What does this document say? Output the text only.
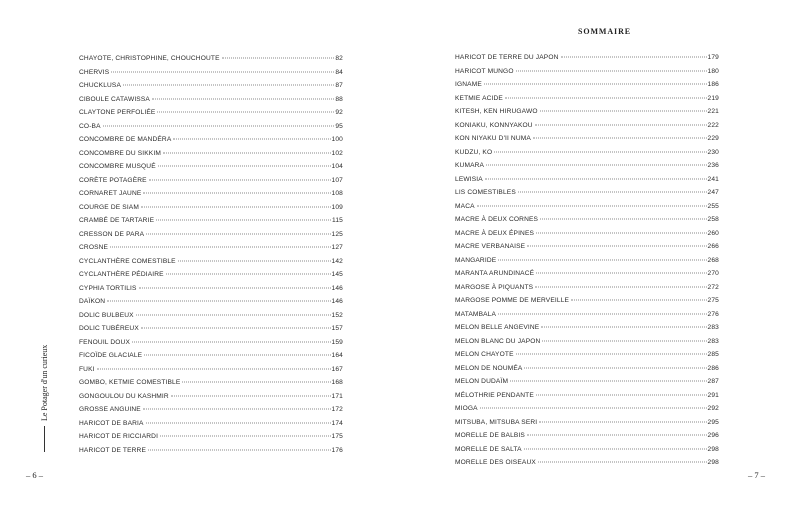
Le Potager d'un curieux
CHAYOTE, CHRISTOPHINE, CHOUCHOUTE	82
CHERVIS	84
CHUCKLUSA	87
CIBOULE CATAWISSA	88
CLAYTONE PERFOLIÉE	92
CO-BA	95
CONCOMBRE DE MANDÉRA	100
CONCOMBRE DU SIKKIM	102
CONCOMBRE MUSQUÉ	104
CORÈTE POTAGÈRE	107
CORNARET JAUNE	108
COURGE DE SIAM	109
CRAMBÉ DE TARTARIE	115
CRESSON DE PARA	125
CROSNE	127
CYCLANTHÈRE COMESTIBLE	142
CYCLANTHÈRE PÉDIAIRE	145
CYPHIA TORTILIS	146
DAÏKON	146
DOLIC BULBEUX	152
DOLIC TUBÉREUX	157
FENOUIL DOUX	159
FICOÏDE GLACIALE	164
FUKI	167
GOMBO, KETMIE COMESTIBLE	168
GONGOULOU DU KASHMIR	171
GROSSE ANGUINE	172
HARICOT DE BARIA	174
HARICOT DE RICCIARDI	175
HARICOT DE TERRE	176
HARICOT DE TERRE DU JAPON	179
HARICOT MUNGO	180
IGNAME	186
KETMIE ACIDE	219
KITESH, KEN HIRUGAWO	221
KONIAKU, KONNYAKOU	222
KON NIYAKU D'II NUMA	229
KUDZU, KO	230
KUMARA	236
LEWISIA	241
LIS COMESTIBLES	247
MACA	255
MACRE À DEUX CORNES	258
MACRE À DEUX ÉPINES	260
MACRE VERBANAISE	266
MANGARIDE	268
MARANTA ARUNDINACÉ	270
MARGOSE À PIQUANTS	272
MARGOSE POMME DE MERVEILLE	275
MATAMBALA	276
MELON BELLE ANGEVINE	283
MELON BLANC DU JAPON	283
MELON CHAYOTE	285
MELON DE NOUMÉA	286
MELON DUDAÏM	287
MÉLOTHRIE PENDANTE	291
MIOGA	292
MITSUBA, MITSUBA SERI	295
MORELLE DE BALBIS	296
MORELLE DE SALTA	298
MORELLE DES OISEAUX	298
SOMMAIRE
– 6 –	– 7 –
